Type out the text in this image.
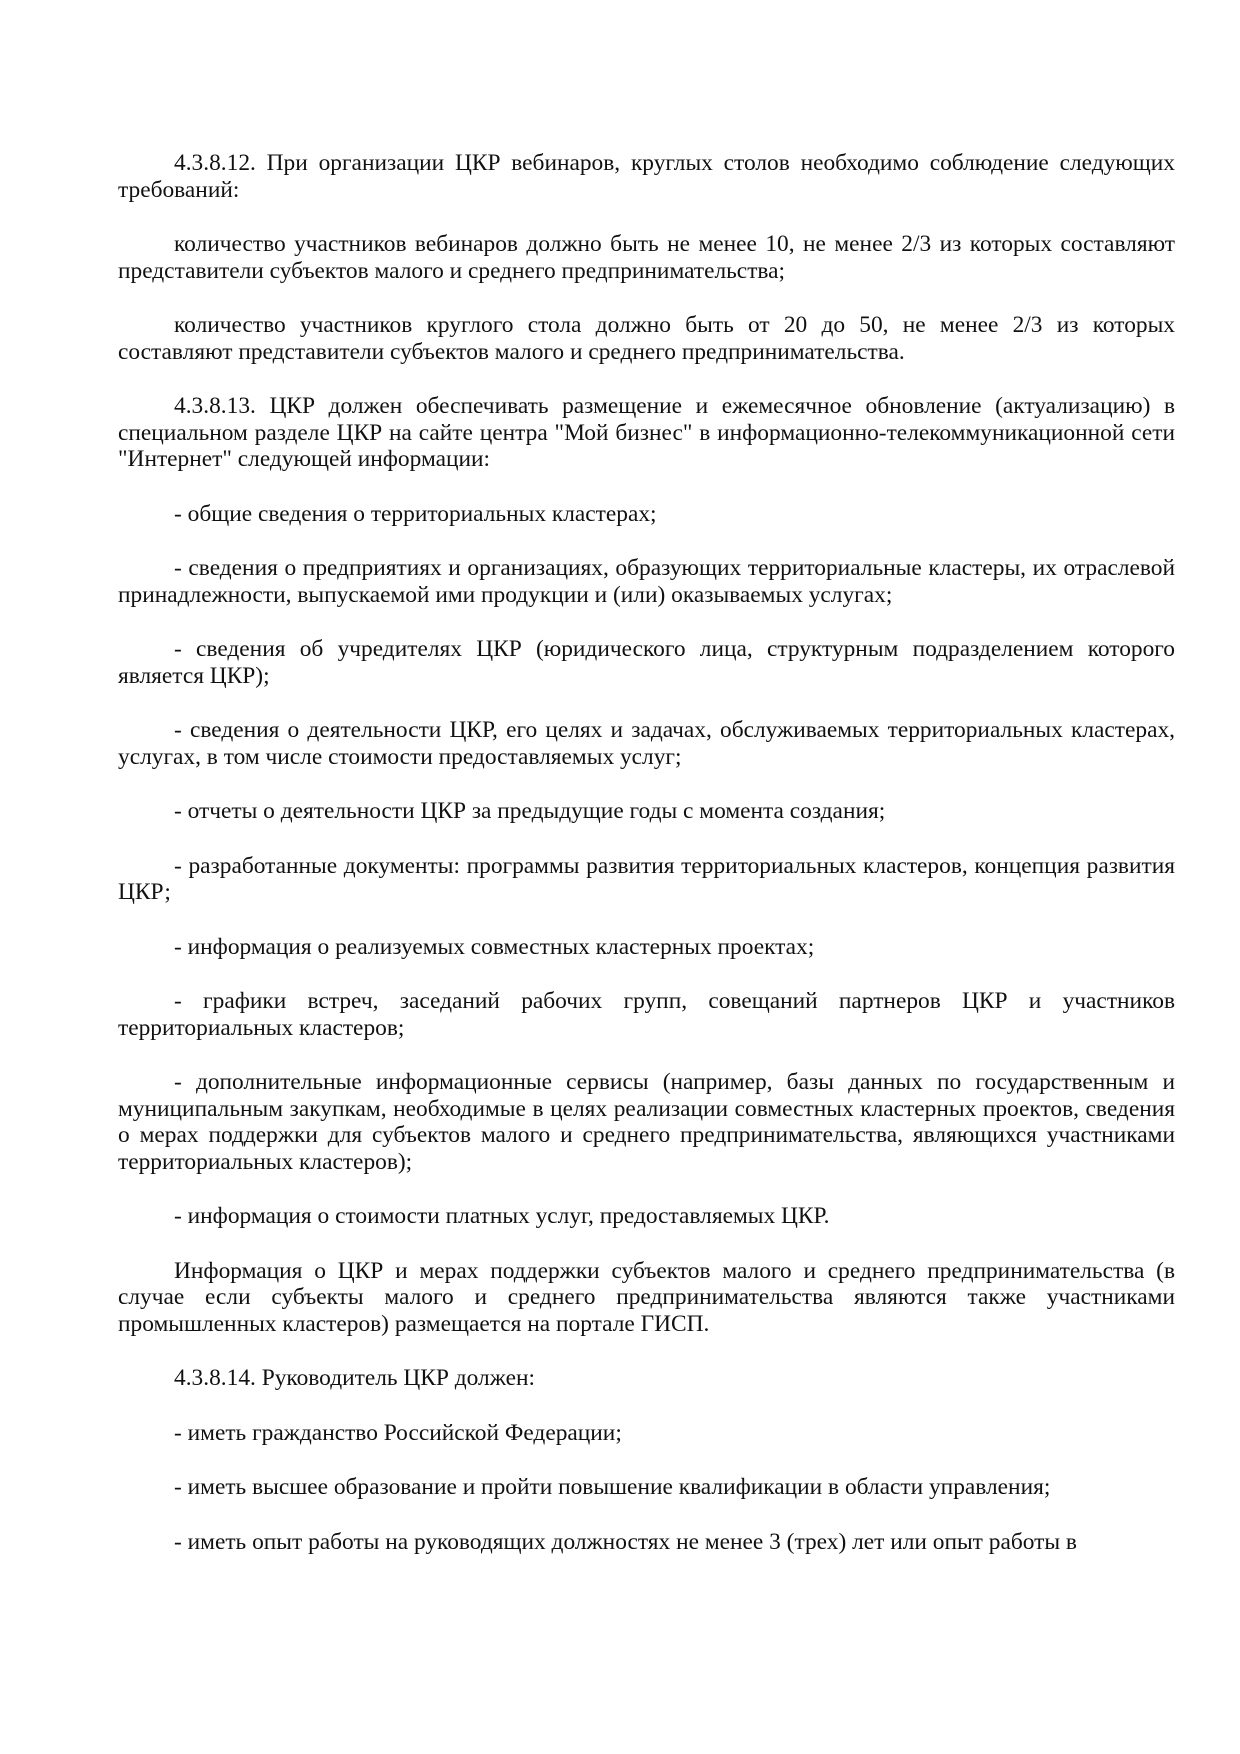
4.3.8.12. При организации ЦКР вебинаров, круглых столов необходимо соблюдение следующих требований:

количество участников вебинаров должно быть не менее 10, не менее 2/3 из которых составляют представители субъектов малого и среднего предпринимательства;

количество участников круглого стола должно быть от 20 до 50, не менее 2/3 из которых составляют представители субъектов малого и среднего предпринимательства.

4.3.8.13. ЦКР должен обеспечивать размещение и ежемесячное обновление (актуализацию) в специальном разделе ЦКР на сайте центра "Мой бизнес" в информационно-телекоммуникационной сети "Интернет" следующей информации:

- общие сведения о территориальных кластерах;

- сведения о предприятиях и организациях, образующих территориальные кластеры, их отраслевой принадлежности, выпускаемой ими продукции и (или) оказываемых услугах;

- сведения об учредителях ЦКР (юридического лица, структурным подразделением которого является ЦКР);

- сведения о деятельности ЦКР, его целях и задачах, обслуживаемых территориальных кластерах, услугах, в том числе стоимости предоставляемых услуг;

- отчеты о деятельности ЦКР за предыдущие годы с момента создания;

- разработанные документы: программы развития территориальных кластеров, концепция развития ЦКР;

- информация о реализуемых совместных кластерных проектах;

- графики встреч, заседаний рабочих групп, совещаний партнеров ЦКР и участников территориальных кластеров;

- дополнительные информационные сервисы (например, базы данных по государственным и муниципальным закупкам, необходимые в целях реализации совместных кластерных проектов, сведения о мерах поддержки для субъектов малого и среднего предпринимательства, являющихся участниками территориальных кластеров);

- информация о стоимости платных услуг, предоставляемых ЦКР.

Информация о ЦКР и мерах поддержки субъектов малого и среднего предпринимательства (в случае если субъекты малого и среднего предпринимательства являются также участниками промышленных кластеров) размещается на портале ГИСП.

4.3.8.14. Руководитель ЦКР должен:

- иметь гражданство Российской Федерации;

- иметь высшее образование и пройти повышение квалификации в области управления;

- иметь опыт работы на руководящих должностях не менее 3 (трех) лет или опыт работы в
